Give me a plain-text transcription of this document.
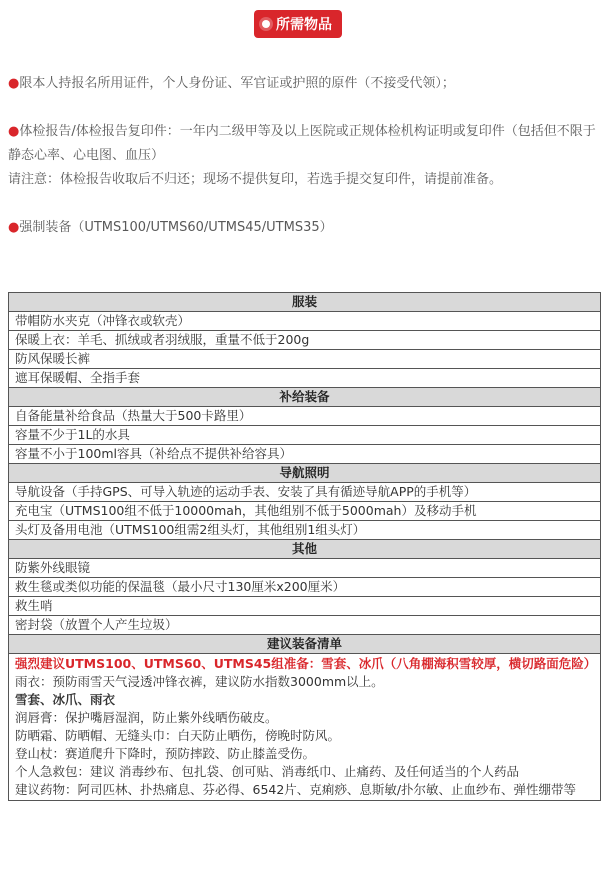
所需物品

●限本人持报名所用证件，个人身份证、军官证或护照的原件（不接受代领）；

●体检报告/体检报告复印件：一年内二级甲等及以上医院或正规体检机构证明或复印件（包括但不限于静态心率、心电图、血压）

请注意：体检报告收取后不归还；现场不提供复印，若选手提交复印件，请提前准备。

●强制装备（UTMS100/UTMS60/UTMS45/UTMS35）

服装
带帽防水夹克（冲锋衣或软壳）
保暖上衣：羊毛、抓绒或者羽绒服，重量不低于200g
防风保暖长裤
遮耳保暖帽、全指手套
补给装备
自备能量补给食品（热量大于500卡路里）
容量不少于1L的水具
容量不小于100ml容具（补给点不提供补给容具）
导航照明
导航设备（手持GPS、可导入轨迹的运动手表、安装了具有循迹导航APP的手机等）
充电宝（UTMS100组不低于10000mah，其他组别不低于5000mah）及移动手机
头灯及备用电池（UTMS100组需2组头灯，其他组别1组头灯）
其他
防紫外线眼镜
救生毯或类似功能的保温毯（最小尺寸130厘米x200厘米）
救生哨
密封袋（放置个人产生垃圾）
建议装备清单

强烈建议UTMS100、UTMS60、UTMS45组准备：雪套、冰爪（八角棚海积雪较厚，横切路面危险）
雨衣：预防雨雪天气浸透冲锋衣裤，建议防水指数3000mm以上。
雪套、冰爪、雨衣
润唇膏：保护嘴唇湿润，防止紫外线晒伤破皮。
防晒霜、防晒帽、无缝头巾：白天防止晒伤，傍晚时防风。
登山杖：赛道爬升下降时，预防摔跤、防止膝盖受伤。
个人急救包：建议 消毒纱布、包扎袋、创可贴、消毒纸巾、止痛药、及任何适当的个人药品
建议药物：阿司匹林、扑热痛息、芬必得、6542片、克痢痧、息斯敏/扑尔敏、止血纱布、弹性绷带等
